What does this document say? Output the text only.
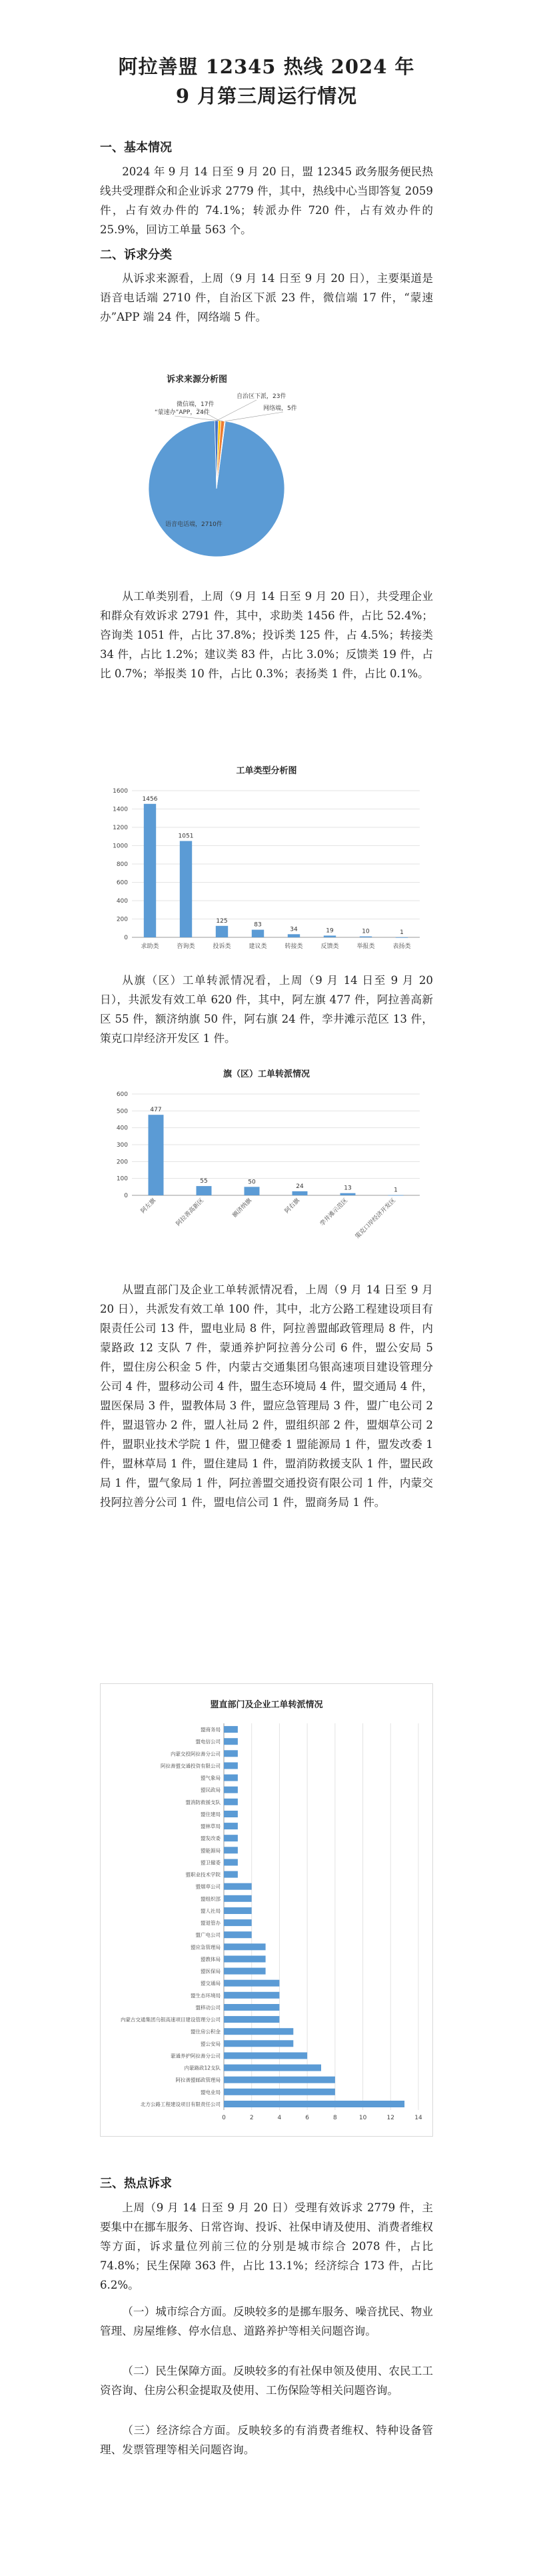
阿拉善盟 12345 热线 2024 年
9 月第三周运行情况
一、基本情况

2024 年 9 月 14 日至 9 月 20 日，盟 12345 政务服务便民热线共受理群众和企业诉求 2779 件，其中，热线中心当即答复 2059 件，占有效办件的 74.1%；转派办件 720 件，占有效办件的 25.9%，回访工单量 563 个。

二、诉求分类

从诉求来源看，上周（9 月 14 日至 9 月 20 日），主要渠道是语音电话端 2710 件，自治区下派 23 件，微信端 17 件，“蒙速办”APP 端 24 件，网络端 5 件。

诉求来源分析图
语音电话端，2710件
自治区下派，23件
微信端，17件
“蒙速办”APP，24件
网络端，5件

从工单类别看，上周（9 月 14 日至 9 月 20 日），共受理企业和群众有效诉求 2791 件，其中，求助类 1456 件，占比 52.4%；咨询类 1051 件，占比 37.8%；投诉类 125 件，占 4.5%；转接类 34 件，占比 1.2%；建议类 83 件，占比 3.0%；反馈类 19 件，占比 0.7%；举报类 10 件，占比 0.3%；表扬类 1 件，占比 0.1%。

工单类型分析图
0
200
400
600
800
1000
1200
1400
1600
1456
求助类
1051
咨询类
125
投诉类
83
建议类
34
转接类
19
反馈类
10
举报类
1
表扬类

从旗（区）工单转派情况看，上周（9 月 14 日至 9 月 20 日），共派发有效工单 620 件，其中，阿左旗 477 件，阿拉善高新区 55 件，额济纳旗 50 件，阿右旗 24 件，孪井滩示范区 13 件，策克口岸经济开发区 1 件。

旗（区）工单转派情况
0
100
200
300
400
500
600
477
阿左旗
55
阿拉善高新区
50
额济纳旗
24
阿右旗
13
孪井滩示范区
1
策克口岸经济开发区

从盟直部门及企业工单转派情况看，上周（9 月 14 日至 9 月 20 日），共派发有效工单 100 件，其中，北方公路工程建设项目有限责任公司 13 件，盟电业局 8 件，阿拉善盟邮政管理局 8 件，内蒙路政 12 支队 7 件，蒙通养护阿拉善分公司 6 件，盟公安局 5 件，盟住房公积金 5 件，内蒙古交通集团乌银高速项目建设管理分公司 4 件，盟移动公司 4 件，盟生态环境局 4 件，盟交通局 4 件，盟医保局 3 件，盟教体局 3 件，盟应急管理局 3 件，盟广电公司 2 件，盟退管办 2 件，盟人社局 2 件，盟组织部 2 件，盟烟草公司 2 件，盟职业技术学院 1 件，盟卫健委 1 盟能源局 1 件，盟发改委 1 件，盟林草局 1 件，盟住建局 1 件，盟消防救援支队 1 件，盟民政局 1 件，盟气象局 1 件，阿拉善盟交通投资有限公司 1 件，内蒙交投阿拉善分公司 1 件，盟电信公司 1 件，盟商务局 1 件。

盟直部门及企业工单转派情况
0	2	4	6	8	10	12	14
北方公路工程建设项目有限责任公司
盟电业局
阿拉善盟邮政管理局
内蒙路政12支队
蒙通养护阿拉善分公司
盟公安局
盟住房公积金
内蒙古交通集团乌银高速项目建设管理分公司
盟移动公司
盟生态环境局
盟交通局
盟医保局
盟教体局
盟应急管理局
盟广电公司
盟退管办
盟人社局
盟组织部
盟烟草公司
盟职业技术学院
盟卫健委
盟能源局
盟发改委
盟林草局
盟住建局
盟消防救援支队
盟民政局
盟气象局
阿拉善盟交通投资有限公司
内蒙交投阿拉善分公司
盟电信公司
盟商务局
三、热点诉求

上周（9 月 14 日至 9 月 20 日）受理有效诉求 2779 件，主要集中在挪车服务、日常咨询、投诉、社保申请及使用、消费者维权等方面，诉求量位列前三位的分别是城市综合 2078 件，占比 74.8%；民生保障 363 件，占比 13.1%；经济综合 173 件，占比 6.2%。

（一）城市综合方面。反映较多的是挪车服务、噪音扰民、物业管理、房屋维修、停水信息、道路养护等相关问题咨询。

（二）民生保障方面。反映较多的有社保申领及使用、农民工工资咨询、住房公积金提取及使用、工伤保险等相关问题咨询。

（三）经济综合方面。反映较多的有消费者维权、特种设备管理、发票管理等相关问题咨询。
